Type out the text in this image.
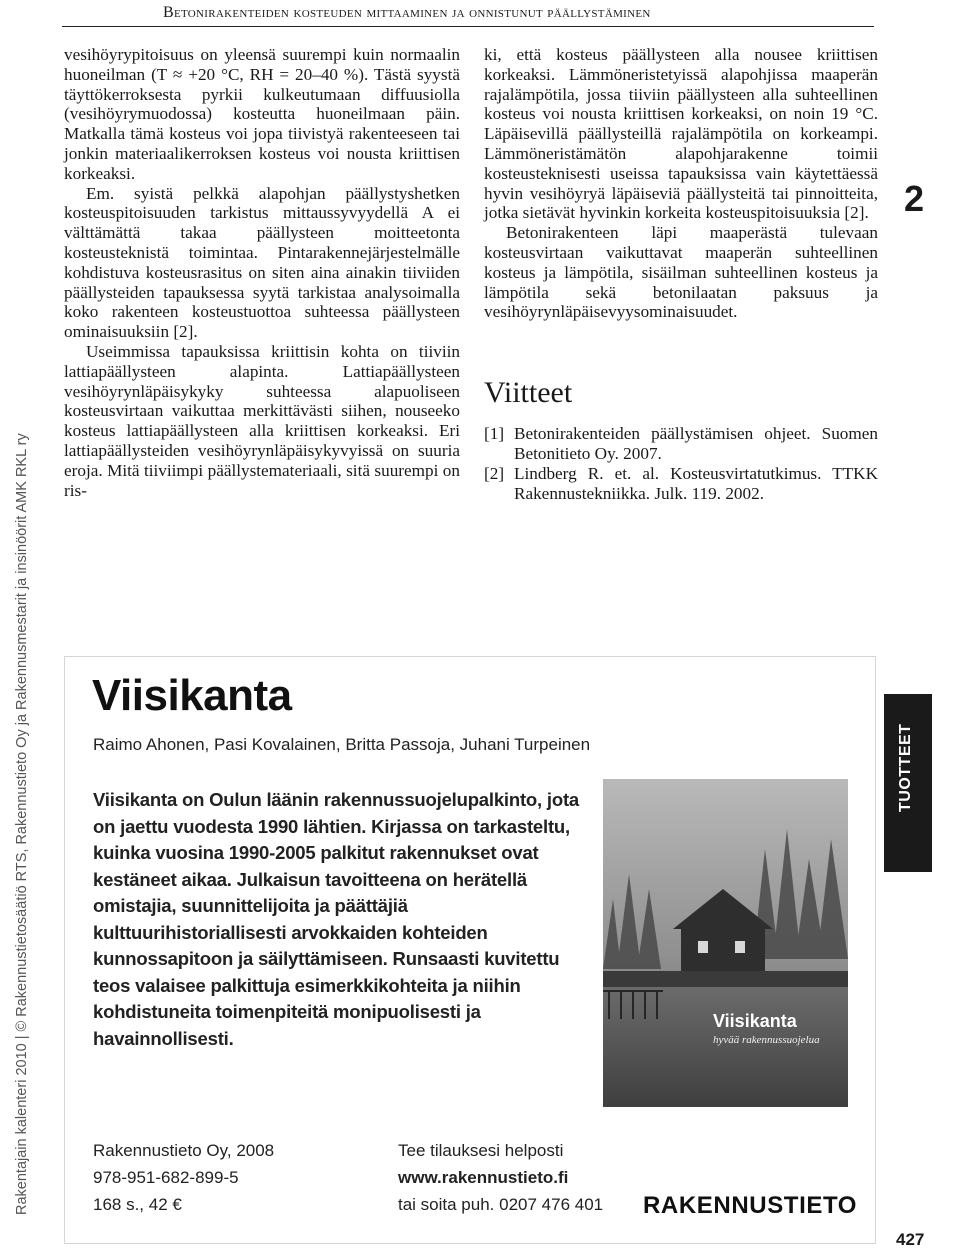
Betonirakenteiden kosteuden mittaaminen ja onnistunut päällystäminen
Rakentajain kalenteri 2010 | © Rakennustietosäätiö RTS, Rakennustieto Oy ja Rakennusmestarit ja insinöörit AMK RKL ry

vesihöyrypitoisuus on yleensä suurempi kuin normaalin huoneilman (T ≈ +20 °C, RH = 20–40 %). Tästä syystä täyttökerroksesta pyrkii kulkeutumaan diffuusiolla (vesihöyrymuodossa) kosteutta huoneilmaan päin. Matkalla tämä kosteus voi jopa tiivistyä rakenteeseen tai jonkin materiaalikerroksen kosteus voi nousta kriittisen korkeaksi.

Em. syistä pelkkä alapohjan päällystyshetken kosteuspitoisuuden tarkistus mittaussyvyydellä A ei välttämättä takaa päällysteen moitteetonta kosteusteknistä toimintaa. Pintarakennejärjestelmälle kohdistuva kosteusrasitus on siten aina ainakin tiiviiden päällysteiden tapauksessa syytä tarkistaa analysoimalla koko rakenteen kosteustuottoa suhteessa päällysteen ominaisuuksiin [2].

Useimmissa tapauksissa kriittisin kohta on tiiviin lattiapäällysteen alapinta. Lattiapäällysteen vesihöyrynläpäisykyky suhteessa alapuoliseen kosteusvirtaan vaikuttaa merkittävästi siihen, nouseeko kosteus lattiapäällysteen alla kriittisen korkeaksi. Eri lattiapäällysteiden vesihöyrynläpäisykyvyissä on suuria eroja. Mitä tiiviimpi päällystemateriaali, sitä suurempi on ris-

ki, että kosteus päällysteen alla nousee kriittisen korkeaksi. Lämmöneristetyissä alapohjissa maaperän rajalämpötila, jossa tiiviin päällysteen alla suhteellinen kosteus voi nousta kriittisen korkeaksi, on noin 19 °C. Läpäisevillä päällysteillä rajalämpötila on korkeampi. Lämmöneristämätön alapohjarakenne toimii kosteusteknisesti useissa tapauksissa vain käytettäessä hyvin vesihöyryä läpäiseviä päällysteitä tai pinnoitteita, jotka sietävät hyvinkin korkeita kosteuspitoisuuksia [2].

Betonirakenteen läpi maaperästä tulevaan kosteusvirtaan vaikuttavat maaperän suhteellinen kosteus ja lämpötila, sisäilman suhteellinen kosteus ja lämpötila sekä betonilaatan paksuus ja vesihöyrynläpäisevyysominaisuudet.

Viitteet
[1] Betonirakenteiden päällystämisen ohjeet. Suomen Betonitieto Oy. 2007.
[2] Lindberg R. et. al. Kosteusvirtatutkimus. TTKK Rakennustekniikka. Julk. 119. 2002.
2
TUOTTEET
427
Viisikanta
Raimo Ahonen, Pasi Kovalainen, Britta Passoja, Juhani Turpeinen
Viisikanta on Oulun läänin rakennussuojelupalkinto, jota on jaettu vuodesta 1990 lähtien. Kirjassa on tarkasteltu, kuinka vuosina 1990-2005 palkitut rakennukset ovat kestäneet aikaa. Julkaisun tavoitteena on herätellä omistajia, suunnittelijoita ja päättäjiä kulttuurihistoriallisesti arvokkaiden kohteiden kunnossapitoon ja säilyttämiseen. Runsaasti kuvitettu teos valaisee palkittuja esimerkkikohteita ja niihin kohdistuneita toimenpiteitä monipuolisesti ja havainnollisesti.
Viisikanta
hyvää rakennussuojelua
Rakennustieto Oy, 2008
978-951-682-899-5
168 s., 42 €
Tee tilauksesi helposti
www.rakennustieto.fi
tai soita puh. 0207 476 401 RAKENNUSTIETO
